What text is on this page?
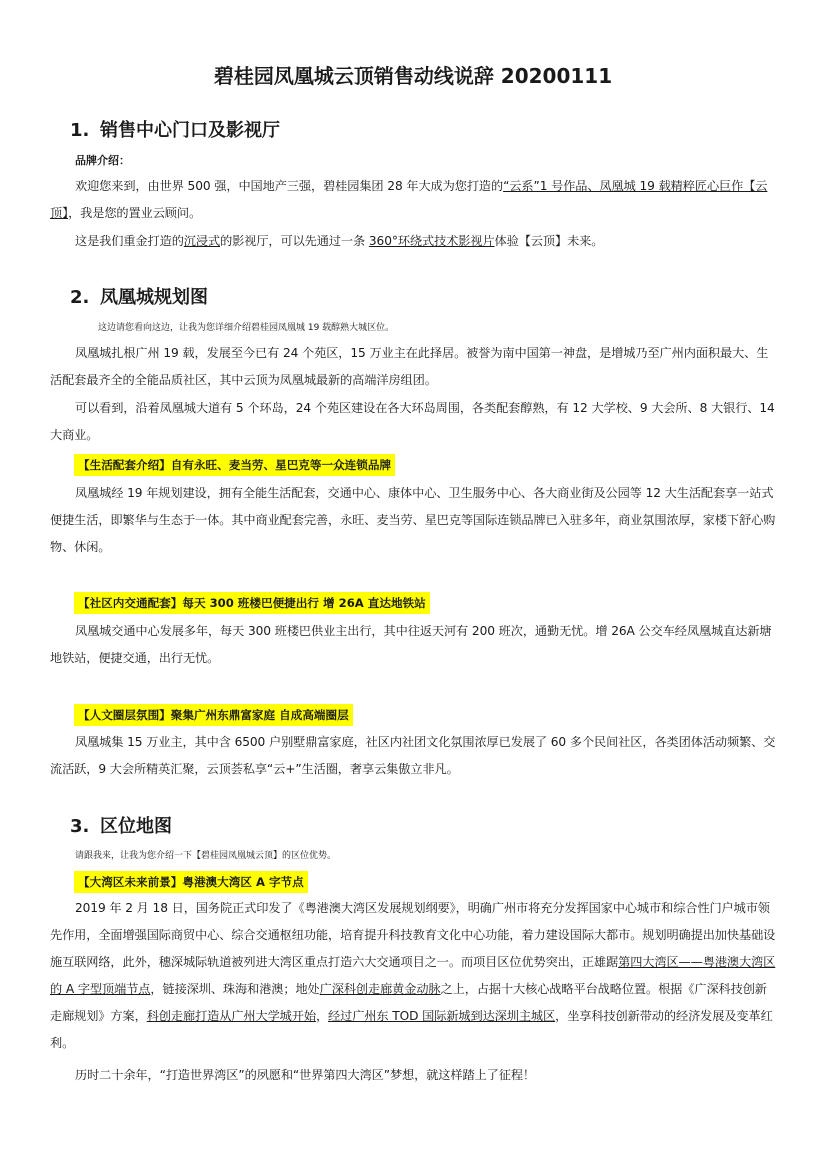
碧桂园凤凰城云顶销售动线说辞 20200111
1. 销售中心门口及影视厅
品牌介绍：
欢迎您来到，由世界 500 强，中国地产三强，碧桂园集团 28 年大成为您打造的“云系”1 号作品、凤凰城 19 载精粹匠心巨作【云顶】，我是您的置业云顾问。
这是我们重金打造的沉浸式的影视厅，可以先通过一条 360°环绕式技术影视片体验【云顶】未来。
2. 凤凰城规划图
这边请您看向这边，让我为您详细介绍碧桂园凤凰城 19 载醇熟大城区位。
凤凰城扎根广州 19 载，发展至今已有 24 个苑区，15 万业主在此择居。被誉为南中国第一神盘，是增城乃至广州内面积最大、生活配套最齐全的全能品质社区，其中云顶为凤凰城最新的高端洋房组团。
可以看到，沿着凤凰城大道有 5 个环岛，24 个苑区建设在各大环岛周围，各类配套醇熟，有 12 大学校、9 大会所、8 大银行、14 大商业。
【生活配套介绍】自有永旺、麦当劳、星巴克等一众连锁品牌
凤凰城经 19 年规划建设，拥有全能生活配套，交通中心、康体中心、卫生服务中心、各大商业街及公园等 12 大生活配套享一站式便捷生活，即繁华与生态于一体。其中商业配套完善，永旺、麦当劳、星巴克等国际连锁品牌已入驻多年，商业氛围浓厚，家楼下舒心购物、休闲。
【社区内交通配套】每天 300 班楼巴便捷出行 增 26A 直达地铁站
凤凰城交通中心发展多年，每天 300 班楼巴供业主出行，其中往返天河有 200 班次，通勤无忧。增 26A 公交车经凤凰城直达新塘地铁站，便捷交通，出行无忧。
【人文圈层氛围】聚集广州东鼎富家庭 自成高端圈层
凤凰城集 15 万业主，其中含 6500 户别墅鼎富家庭，社区内社团文化氛围浓厚已发展了 60 多个民间社区，各类团体活动频繁、交流活跃，9 大会所精英汇聚，云顶荟私享“云+”生活圈，奢享云集傲立非凡。
3. 区位地图
请跟我来，让我为您介绍一下【碧桂园凤凰城云顶】的区位优势。
【大湾区未来前景】粤港澳大湾区 A 字节点
2019 年 2 月 18 日，国务院正式印发了《粤港澳大湾区发展规划纲要》，明确广州市将充分发挥国家中心城市和综合性门户城市领先作用，全面增强国际商贸中心、综合交通枢纽功能，培育提升科技教育文化中心功能，着力建设国际大都市。规划明确提出加快基础设施互联网络，此外，穗深城际轨道被列进大湾区重点打造六大交通项目之一。而项目区位优势突出，正雄踞第四大湾区——粤港澳大湾区的 A 字型顶端节点，链接深圳、珠海和港澳；地处广深科创走廊黄金动脉之上，占据十大核心战略平台战略位置。根据《广深科技创新走廊规划》方案，科创走廊打造从广州大学城开始，经过广州东 TOD 国际新城到达深圳主城区，坐享科技创新带动的经济发展及变革红利。
历时二十余年，“打造世界湾区”的夙愿和“世界第四大湾区”梦想，就这样踏上了征程！
